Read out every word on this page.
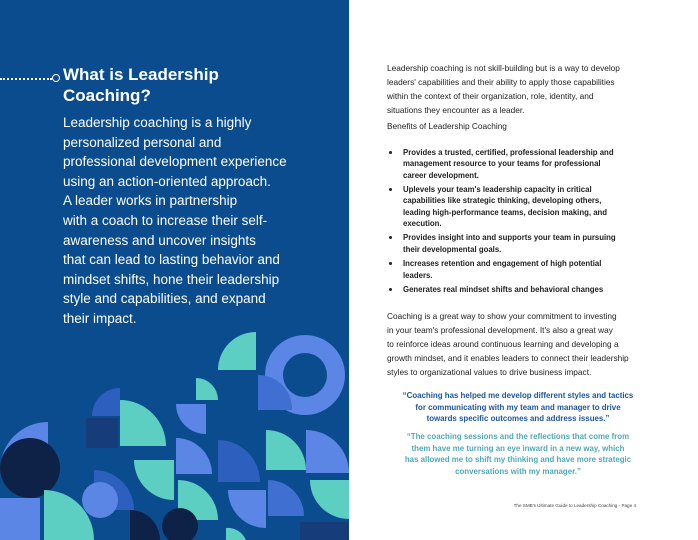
What is Leadership
Coaching?

Leadership coaching is a highly
personalized personal and
professional development experience
using an action-oriented approach.
A leader works in partnership
with a coach to increase their self-
awareness and uncover insights
that can lead to lasting behavior and
mindset shifts, hone their leadership
style and capabilities, and expand
their impact.

Leadership coaching is not skill-building but is a way to develop
leaders' capabilities and their ability to apply those capabilities
within the context of their organization, role, identity, and
situations they encounter as a leader.

Benefits of Leadership Coaching

Provides a trusted, certified, professional leadership and
management resource to your teams for professional
career development.
Uplevels your team's leadership capacity in critical
capabilities like strategic thinking, developing others,
leading high-performance teams, decision making, and
execution.
Provides insight into and supports your team in pursuing
their developmental goals.
Increases retention and engagement of high potential
leaders.
Generates real mindset shifts and behavioral changes

Coaching is a great way to show your commitment to investing
in your team's professional development. It's also a great way
to reinforce ideas around continuous learning and developing a
growth mindset, and it enables leaders to connect their leadership
styles to organizational values to drive business impact.

“Coaching has helped me develop different styles and tactics
for communicating with my team and manager to drive
towards specific outcomes and address issues.”

“The coaching sessions and the reflections that come from
them have me turning an eye inward in a new way, which
has allowed me to shift my thinking and have more strategic
conversations with my manager.”

The SMB's Ultimate Guide to Leadership Coaching - Page 4
